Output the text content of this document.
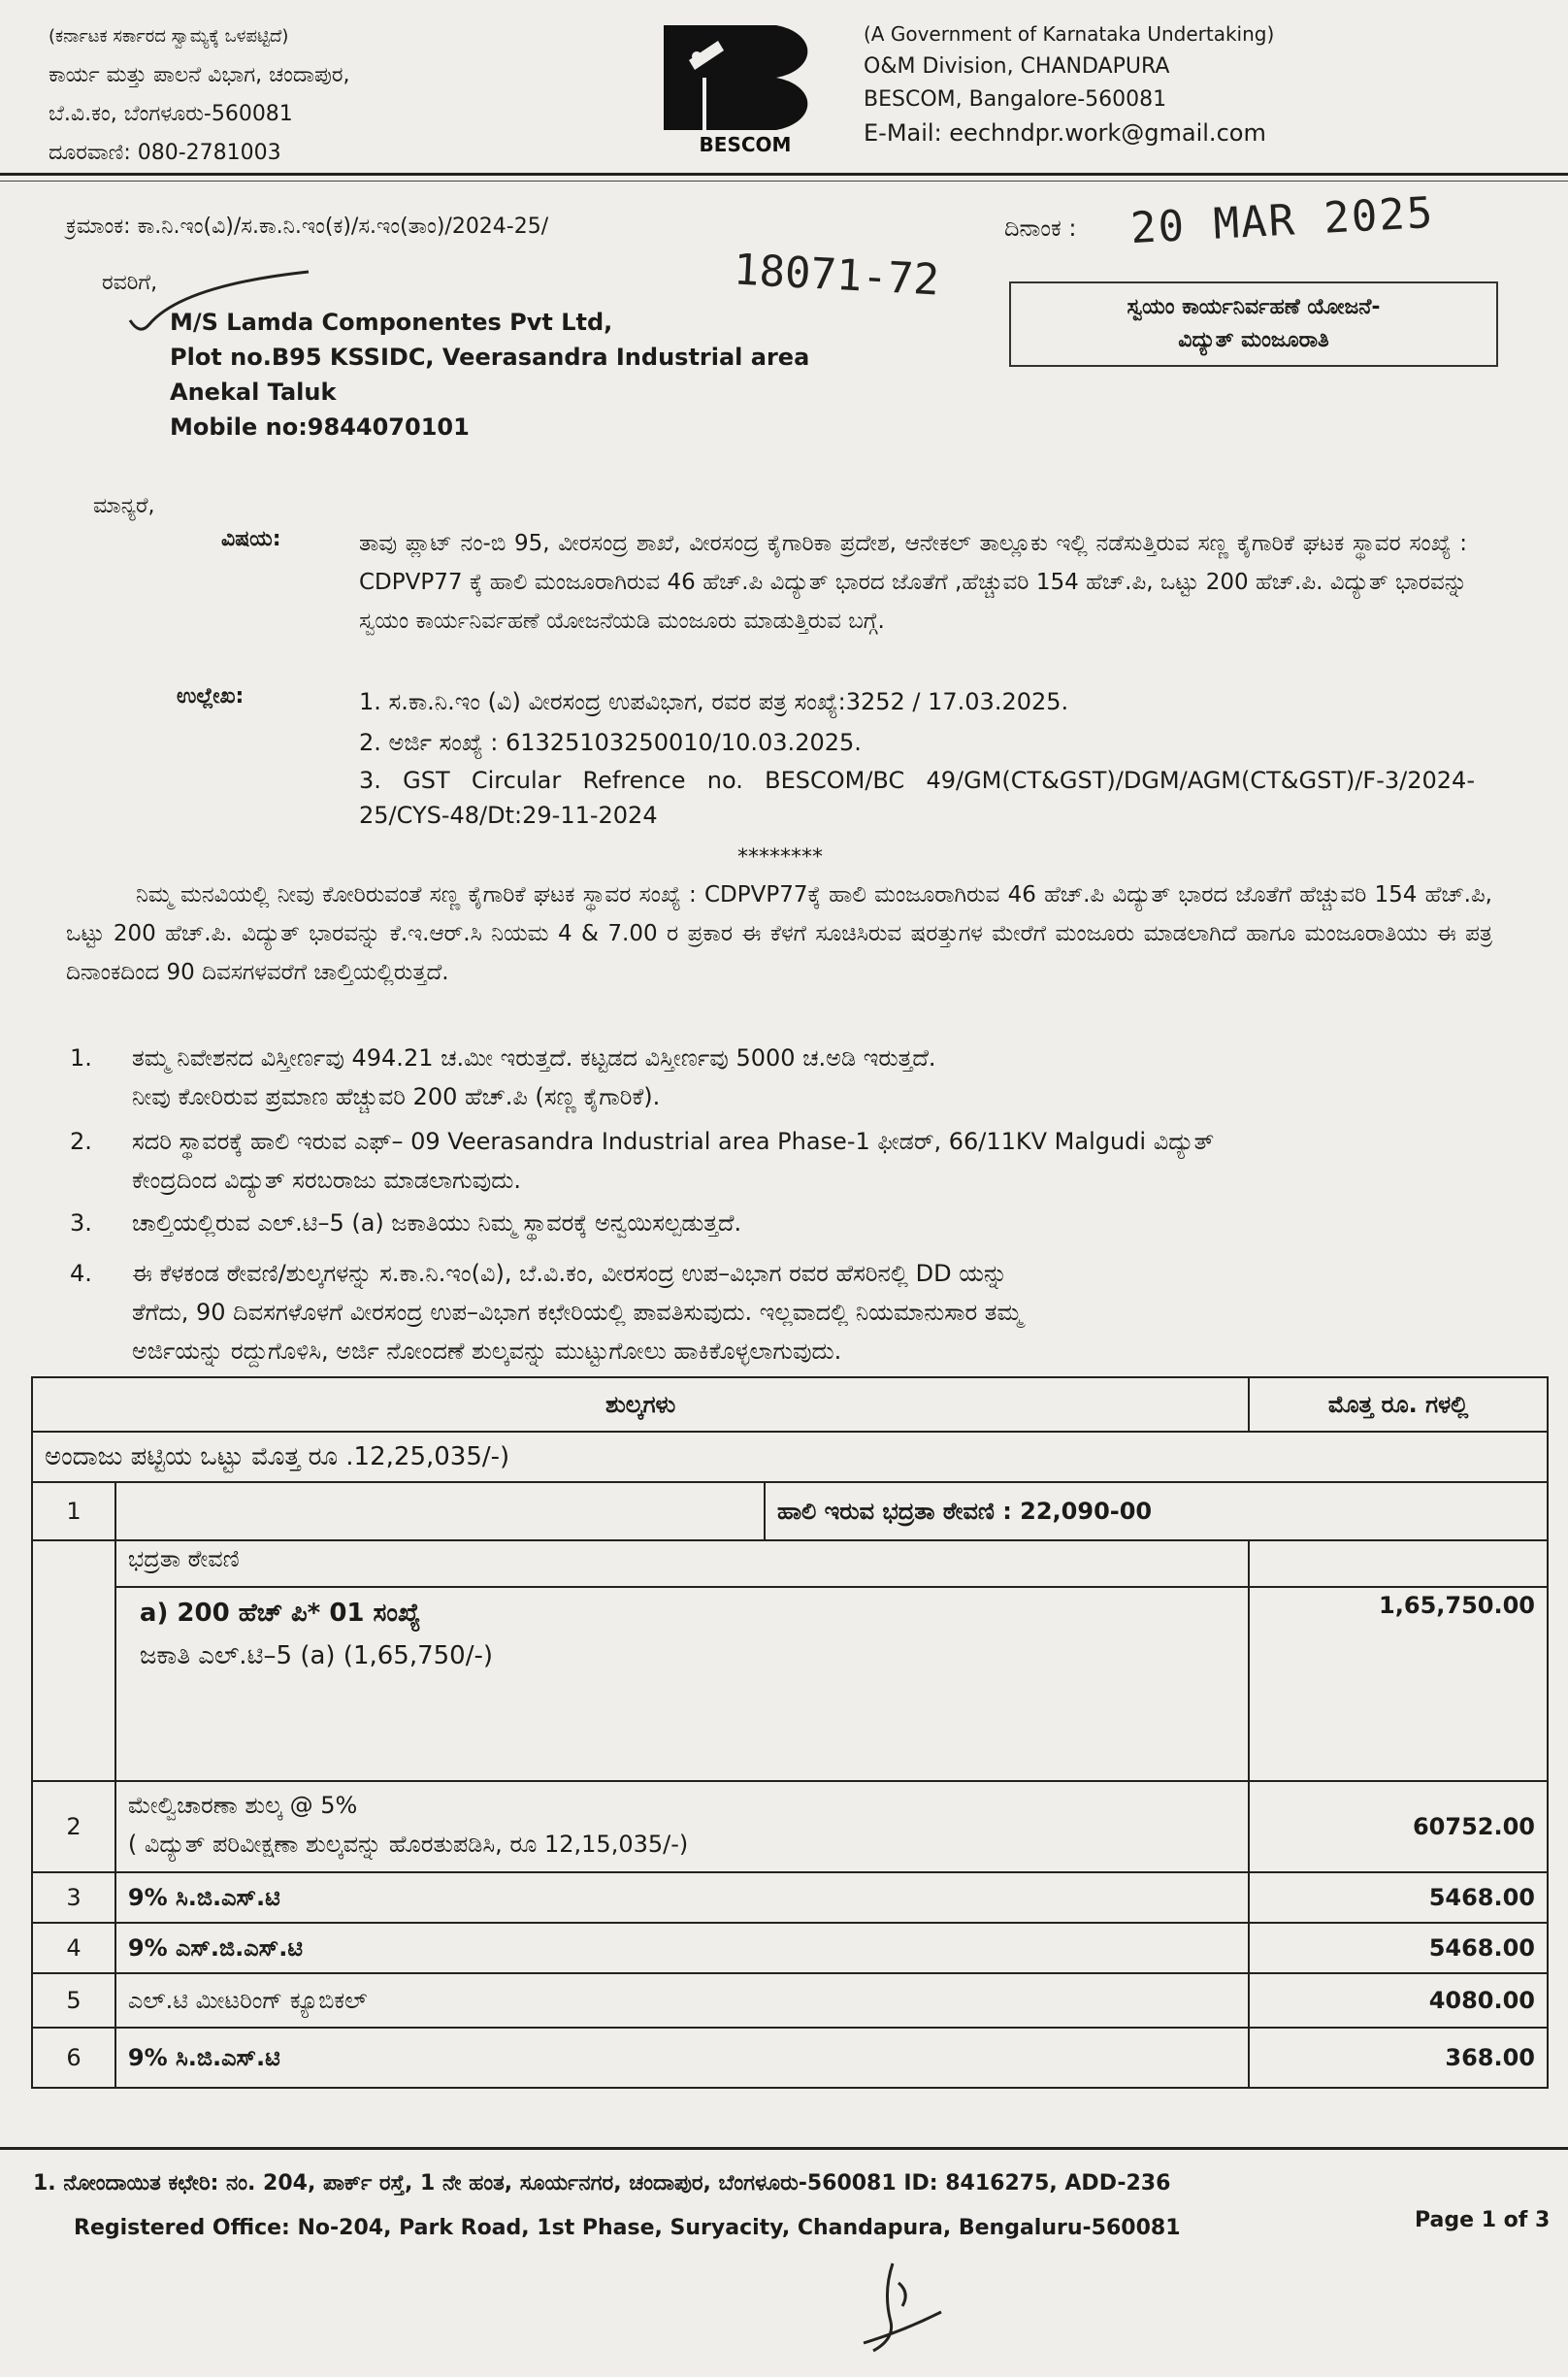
(ಕರ್ನಾಟಕ ಸರ್ಕಾರದ ಸ್ವಾಮ್ಯಕ್ಕೆ ಒಳಪಟ್ಟಿದೆ)
ಕಾರ್ಯ ಮತ್ತು ಪಾಲನೆ ವಿಭಾಗ, ಚಂದಾಪುರ,
ಬೆ.ವಿ.ಕಂ, ಬೆಂಗಳೂರು-560081
ದೂರವಾಣಿ: 080-2781003	BESCOM
(A Government of Karnataka Undertaking)
O&M Division, CHANDAPURA
BESCOM, Bangalore-560081
E-Mail: eechndpr.work@gmail.com
ಕ್ರಮಾಂಕ: ಕಾ.ನಿ.ಇಂ(ವಿ)/ಸ.ಕಾ.ನಿ.ಇಂ(ಕ)/ಸ.ಇಂ(ತಾಂ)/2024-25/
18071-72
ದಿನಾಂಕ : 20 MAR 2025
ರವರಿಗೆ,
M/S Lamda Componentes Pvt Ltd,
Plot no.B95 KSSIDC, Veerasandra Industrial area
Anekal Taluk
Mobile no:9844070101
ಸ್ವಯಂ ಕಾರ್ಯನಿರ್ವಹಣೆ ಯೋಜನೆ-
ವಿದ್ಯುತ್ ಮಂಜೂರಾತಿ
ಮಾನ್ಯರೆ,
ವಿಷಯ:	ತಾವು ಪ್ಲಾಟ್ ನಂ-ಬಿ 95, ವೀರಸಂದ್ರ ಶಾಖೆ, ವೀರಸಂದ್ರ ಕೈಗಾರಿಕಾ ಪ್ರದೇಶ, ಆನೇಕಲ್ ತಾಲ್ಲೂಕು ಇಲ್ಲಿ ನಡೆಸುತ್ತಿರುವ ಸಣ್ಣ ಕೈಗಾರಿಕೆ ಘಟಕ ಸ್ಥಾವರ ಸಂಖ್ಯೆ : CDPVP77 ಕ್ಕೆ ಹಾಲಿ ಮಂಜೂರಾಗಿರುವ 46 ಹೆಚ್.ಪಿ ವಿದ್ಯುತ್ ಭಾರದ ಜೊತೆಗೆ ,ಹೆಚ್ಚುವರಿ 154 ಹೆಚ್.ಪಿ, ಒಟ್ಟು 200 ಹೆಚ್.ಪಿ. ವಿದ್ಯುತ್ ಭಾರವನ್ನು ಸ್ವಯಂ ಕಾರ್ಯನಿರ್ವಹಣೆ ಯೋಜನೆಯಡಿ ಮಂಜೂರು ಮಾಡುತ್ತಿರುವ ಬಗ್ಗೆ.
ಉಲ್ಲೇಖ:	1. ಸ.ಕಾ.ನಿ.ಇಂ (ವಿ) ವೀರಸಂದ್ರ ಉಪವಿಭಾಗ, ರವರ ಪತ್ರ ಸಂಖ್ಯೆ:3252 / 17.03.2025.
2. ಅರ್ಜಿ ಸಂಖ್ಯೆ : 61325103250010/10.03.2025.
3. GST Circular Refrence no. BESCOM/BC 49/GM(CT&GST)/DGM/AGM(CT&GST)/F-3/2024-25/CYS-48/Dt:29-11-2024
********
ನಿಮ್ಮ ಮನವಿಯಲ್ಲಿ ನೀವು ಕೋರಿರುವಂತೆ ಸಣ್ಣ ಕೈಗಾರಿಕೆ ಘಟಕ ಸ್ಥಾವರ ಸಂಖ್ಯೆ : CDPVP77ಕ್ಕೆ ಹಾಲಿ ಮಂಜೂರಾಗಿರುವ 46 ಹೆಚ್.ಪಿ ವಿದ್ಯುತ್ ಭಾರದ ಜೊತೆಗೆ ಹೆಚ್ಚುವರಿ 154 ಹೆಚ್.ಪಿ, ಒಟ್ಟು 200 ಹೆಚ್.ಪಿ. ವಿದ್ಯುತ್ ಭಾರವನ್ನು ಕೆ.ಇ.ಆರ್.ಸಿ ನಿಯಮ 4 & 7.00 ರ ಪ್ರಕಾರ ಈ ಕೆಳಗೆ ಸೂಚಿಸಿರುವ ಷರತ್ತುಗಳ ಮೇರೆಗೆ ಮಂಜೂರು ಮಾಡಲಾಗಿದೆ ಹಾಗೂ ಮಂಜೂರಾತಿಯು ಈ ಪತ್ರ ದಿನಾಂಕದಿಂದ 90 ದಿವಸಗಳವರೆಗೆ ಚಾಲ್ತಿಯಲ್ಲಿರುತ್ತದೆ.
1. ತಮ್ಮ ನಿವೇಶನದ ವಿಸ್ತೀರ್ಣವು 494.21 ಚ.ಮೀ ಇರುತ್ತದೆ. ಕಟ್ಟಡದ ವಿಸ್ತೀರ್ಣವು 5000 ಚ.ಅಡಿ ಇರುತ್ತದೆ.
ನೀವು ಕೋರಿರುವ ಪ್ರಮಾಣ ಹೆಚ್ಚುವರಿ 200 ಹೆಚ್.ಪಿ (ಸಣ್ಣ ಕೈಗಾರಿಕೆ).
2. ಸದರಿ ಸ್ಥಾವರಕ್ಕೆ ಹಾಲಿ ಇರುವ ಎಫ್– 09 Veerasandra Industrial area Phase-1 ಫೀಡರ್, 66/11KV Malgudi ವಿದ್ಯುತ್
ಕೇಂದ್ರದಿಂದ ವಿದ್ಯುತ್ ಸರಬರಾಜು ಮಾಡಲಾಗುವುದು.
3. ಚಾಲ್ತಿಯಲ್ಲಿರುವ ಎಲ್.ಟಿ–5 (a) ಜಕಾತಿಯು ನಿಮ್ಮ ಸ್ಥಾವರಕ್ಕೆ ಅನ್ವಯಿಸಲ್ಪಡುತ್ತದೆ.
4. ಈ ಕೆಳಕಂಡ ಠೇವಣಿ/ಶುಲ್ಕಗಳನ್ನು ಸ.ಕಾ.ನಿ.ಇಂ(ವಿ), ಬೆ.ವಿ.ಕಂ, ವೀರಸಂದ್ರ ಉಪ–ವಿಭಾಗ ರವರ ಹೆಸರಿನಲ್ಲಿ DD ಯನ್ನು
ತೆಗೆದು, 90 ದಿವಸಗಳೊಳಗೆ ವೀರಸಂದ್ರ ಉಪ–ವಿಭಾಗ ಕಛೇರಿಯಲ್ಲಿ ಪಾವತಿಸುವುದು. ಇಲ್ಲವಾದಲ್ಲಿ ನಿಯಮಾನುಸಾರ ತಮ್ಮ
ಅರ್ಜಿಯನ್ನು ರದ್ದುಗೊಳಿಸಿ, ಅರ್ಜಿ ನೋಂದಣೆ ಶುಲ್ಕವನ್ನು ಮುಟ್ಟುಗೋಲು ಹಾಕಿಕೊಳ್ಳಲಾಗುವುದು.
ಶುಲ್ಕಗಳು			ಮೊತ್ತ ರೂ. ಗಳಲ್ಲಿ
ಅಂದಾಜು ಪಟ್ಟಿಯ ಒಟ್ಟು ಮೊತ್ತ ರೂ .12,25,035/-)			
1		ಹಾಲಿ ಇರುವ ಭದ್ರತಾ ಠೇವಣಿ : 22,090-00	
	ಭದ್ರತಾ ಠೇವಣಿ		

	a) 200 ಹೆಚ್ ಪಿ* 01 ಸಂಖ್ಯೆ
ಜಕಾತಿ ಎಲ್.ಟಿ–5 (a) (1,65,750/-)		1,65,750.00
2	ಮೇಲ್ವಿಚಾರಣಾ ಶುಲ್ಕ @ 5%
( ವಿದ್ಯುತ್ ಪರಿವೀಕ್ಷಣಾ ಶುಲ್ಕವನ್ನು ಹೊರತುಪಡಿಸಿ, ರೂ 12,15,035/-)		60752.00
3	9% ಸಿ.ಜಿ.ಎಸ್.ಟಿ		5468.00
4	9% ಎಸ್.ಜಿ.ಎಸ್.ಟಿ		5468.00
5	ಎಲ್.ಟಿ ಮೀಟರಿಂಗ್ ಕ್ಯೂಬಿಕಲ್		4080.00
6	9% ಸಿ.ಜಿ.ಎಸ್.ಟಿ		368.00
1. ನೋಂದಾಯಿತ ಕಛೇರಿ: ನಂ. 204, ಪಾರ್ಕ್ ರಸ್ತೆ, 1 ನೇ ಹಂತ, ಸೂರ್ಯನಗರ, ಚಂದಾಪುರ, ಬೆಂಗಳೂರು-560081 ID: 8416275, ADD-236
Registered Office: No-204, Park Road, 1st Phase, Suryacity, Chandapura, Bengaluru-560081	Page 1 of 3
